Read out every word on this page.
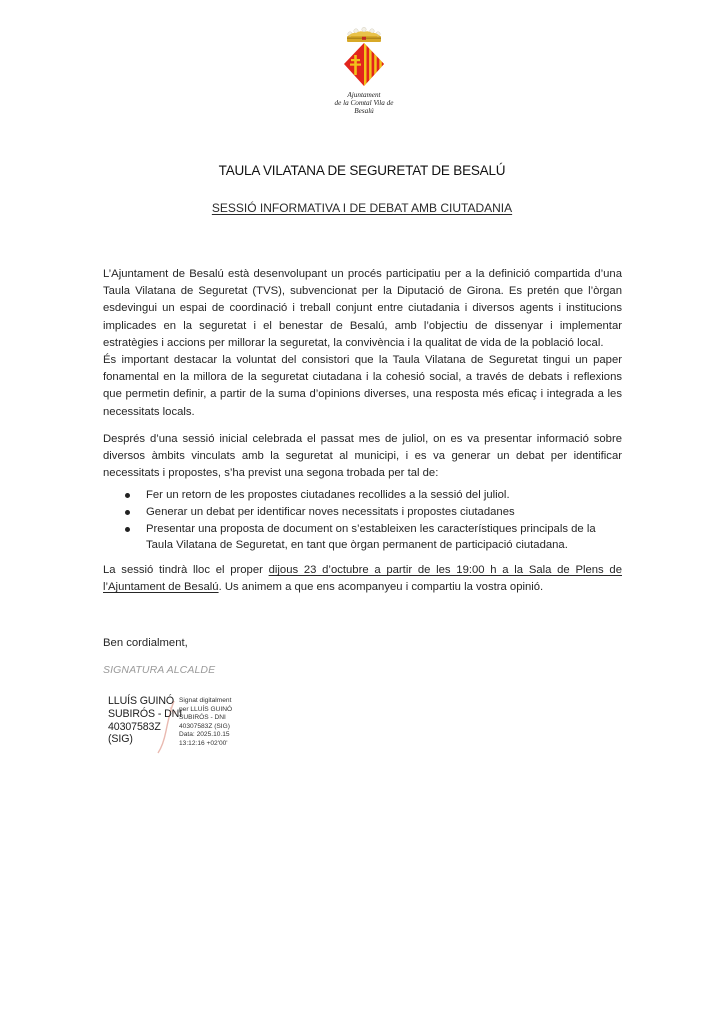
Ajuntament
de la Comtal Vila de
Besalú
TAULA VILATANA DE SEGURETAT DE BESALÚ
SESSIÓ INFORMATIVA I DE DEBAT AMB CIUTADANIA

L’Ajuntament de Besalú està desenvolupant un procés participatiu per a la definició compartida d’una Taula Vilatana de Seguretat (TVS), subvencionat per la Diputació de Girona. Es pretén que l’òrgan esdevingui un espai de coordinació i treball conjunt entre ciutadania i diversos agents i institucions implicades en la seguretat i el benestar de Besalú, amb l’objectiu de dissenyar i implementar estratègies i accions per millorar la seguretat, la convivència i la qualitat de vida de la població local.

És important destacar la voluntat del consistori que la Taula Vilatana de Seguretat tingui un paper fonamental en la millora de la seguretat ciutadana i la cohesió social, a través de debats i reflexions que permetin definir, a partir de la suma d’opinions diverses, una resposta més eficaç i integrada a les necessitats locals.

Després d’una sessió inicial celebrada el passat mes de juliol, on es va presentar informació sobre diversos àmbits vinculats amb la seguretat al municipi, i es va generar un debat per identificar necessitats i propostes, s’ha previst una segona trobada per tal de:

Fer un retorn de les propostes ciutadanes recollides a la sessió del juliol.
Generar un debat per identificar noves necessitats i propostes ciutadanes
Presentar una proposta de document on s’estableixen les característiques principals de la Taula Vilatana de Seguretat, en tant que òrgan permanent de participació ciutadana.

La sessió tindrà lloc el proper dijous 23 d’octubre a partir de les 19:00 h a la Sala de Plens de l’Ajuntament de Besalú. Us animem a que ens acompanyeu i compartiu la vostra opinió.

Ben cordialment,
SIGNATURA ALCALDE
LLUÍS GUINÓ
SUBIRÓS - DNI
40307583Z
(SIG)
Signat digitalment
per LLUÍS GUINÓ
SUBIRÓS - DNI
40307583Z (SIG)
Data: 2025.10.15
13:12:16 +02'00'
